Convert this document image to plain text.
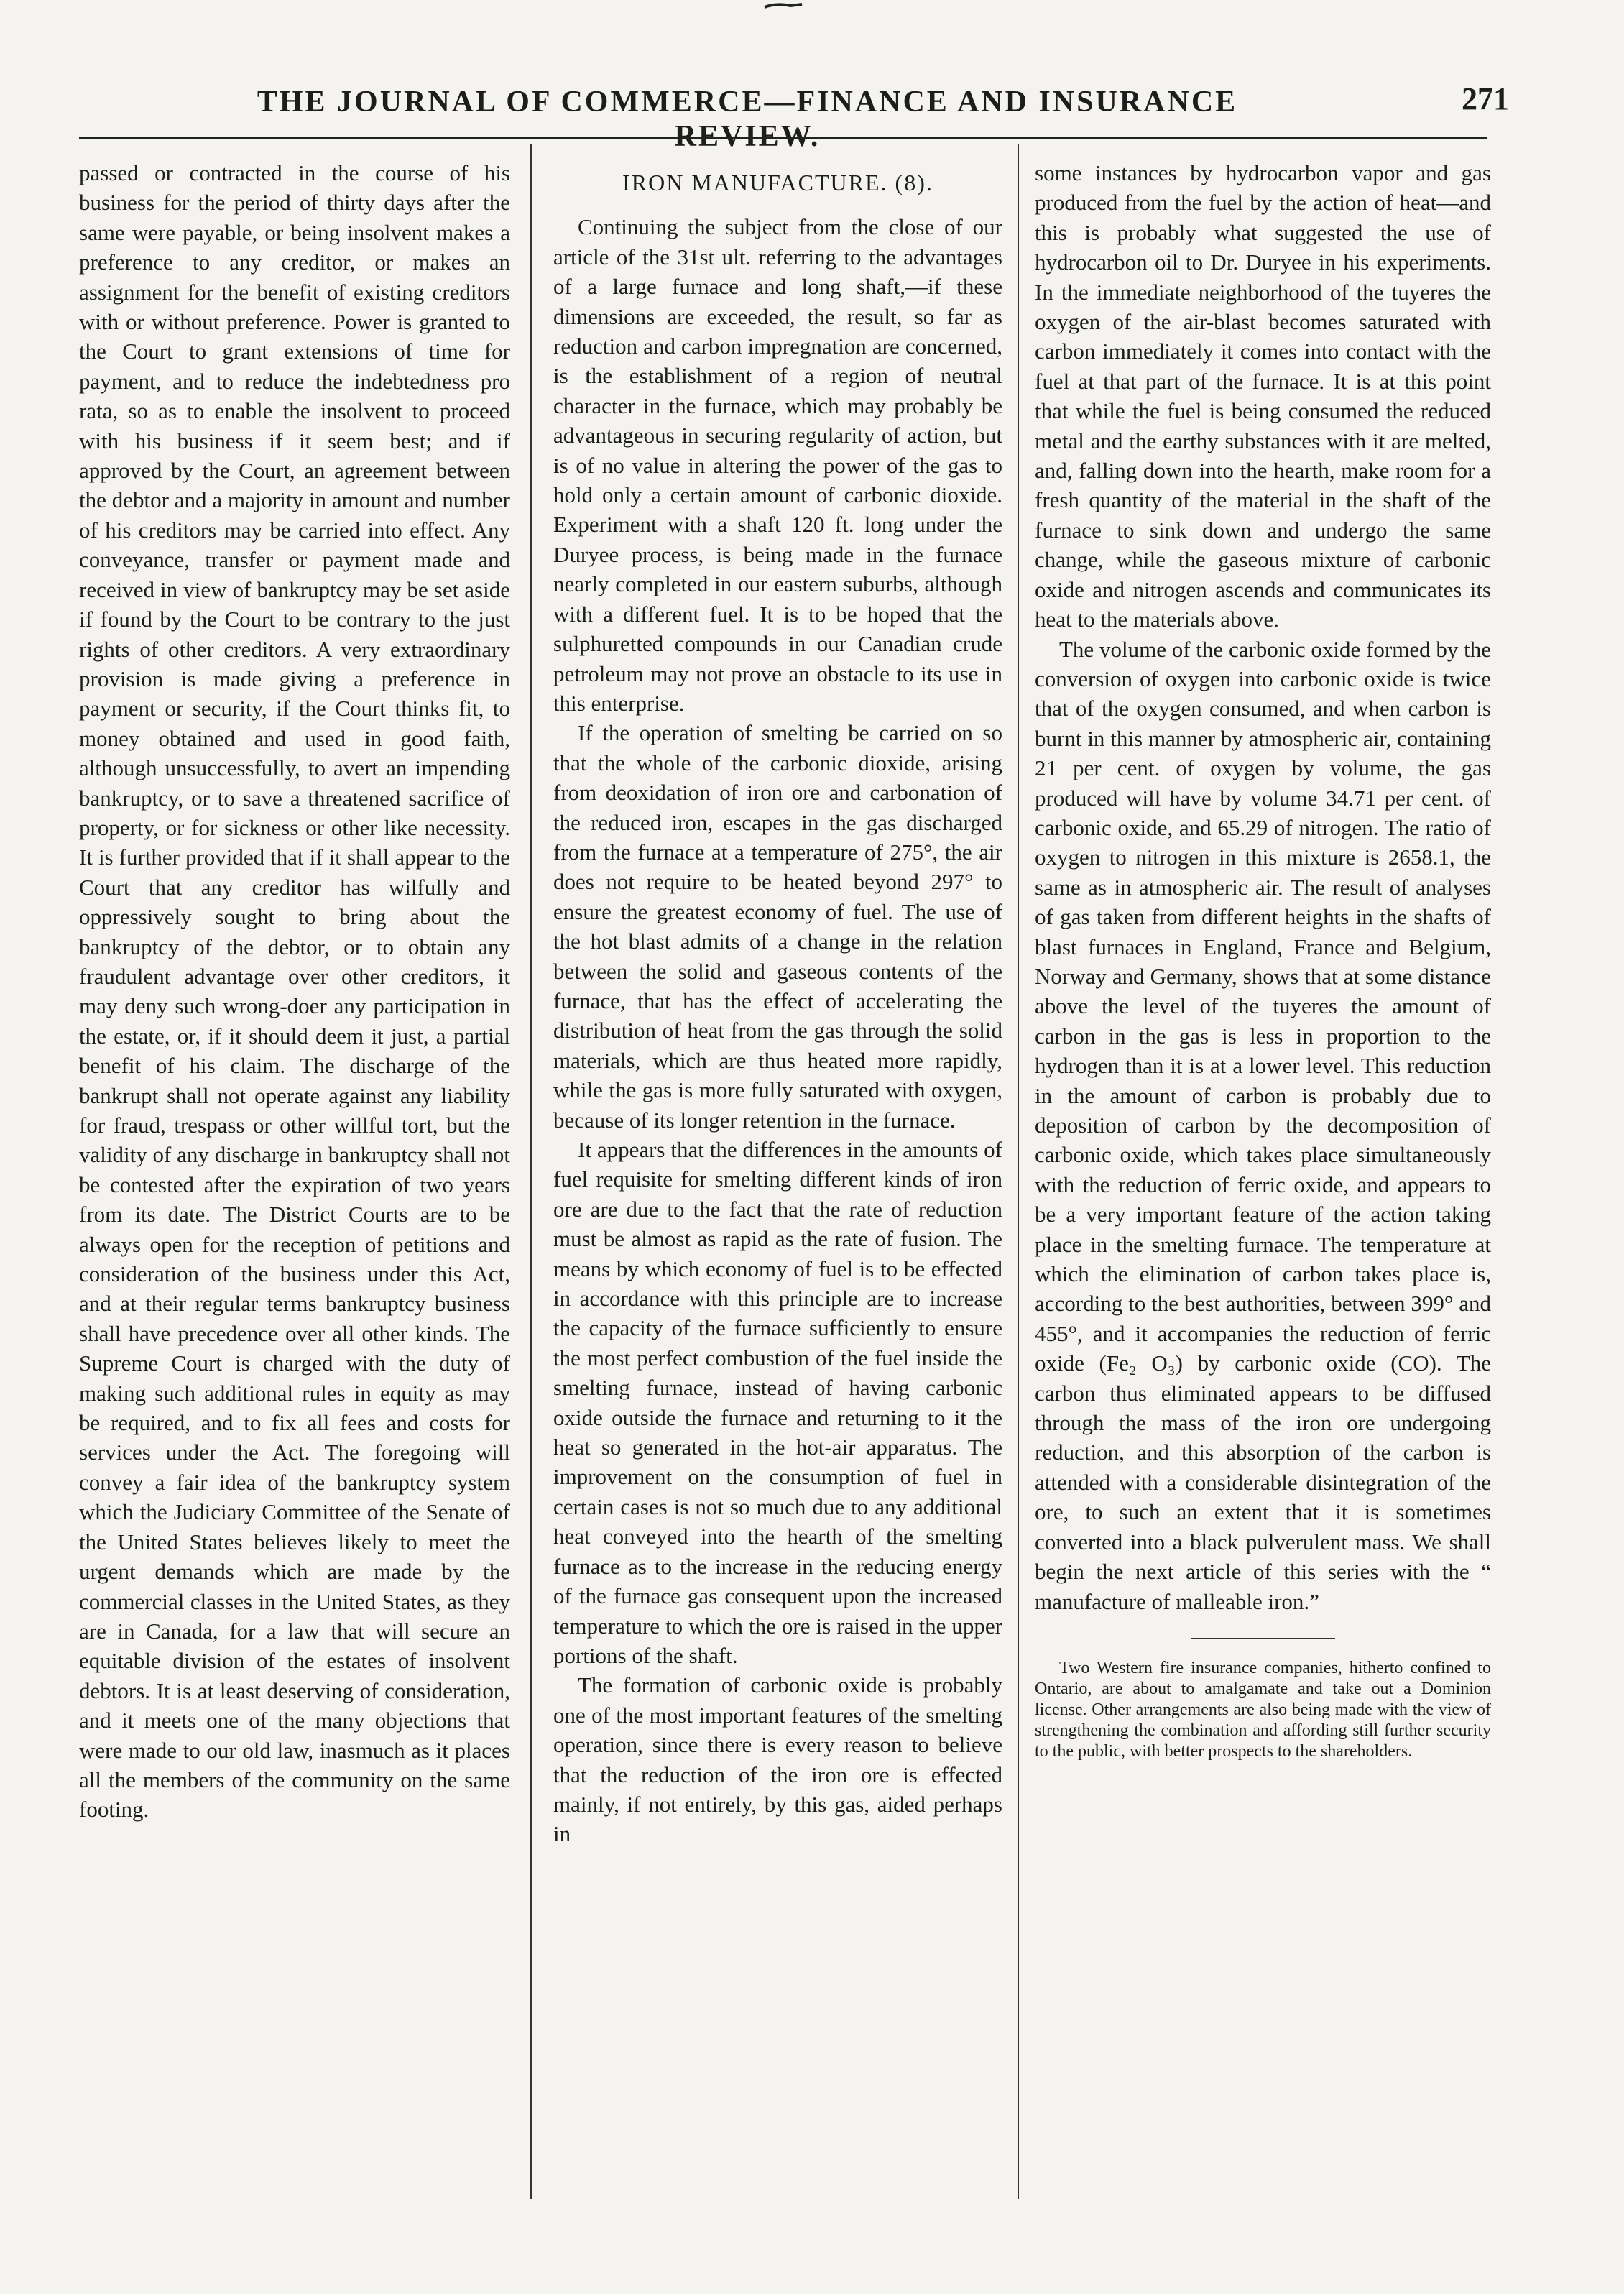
THE JOURNAL OF COMMERCE—FINANCE AND INSURANCE REVIEW.
271

passed or contracted in the course of his business for the period of thirty days after the same were payable, or being insolvent makes a preference to any creditor, or makes an assignment for the benefit of existing creditors with or without preference. Power is granted to the Court to grant extensions of time for payment, and to reduce the indebtedness pro rata, so as to enable the insolvent to proceed with his business if it seem best; and if approved by the Court, an agreement between the debtor and a majority in amount and number of his creditors may be carried into effect. Any conveyance, transfer or payment made and received in view of bankruptcy may be set aside if found by the Court to be contrary to the just rights of other creditors. A very extraordinary provision is made giving a preference in payment or security, if the Court thinks fit, to money obtained and used in good faith, although unsuccessfully, to avert an impending bankruptcy, or to save a threatened sacrifice of property, or for sickness or other like necessity. It is further provided that if it shall appear to the Court that any creditor has wilfully and oppressively sought to bring about the bankruptcy of the debtor, or to obtain any fraudulent advantage over other creditors, it may deny such wrong-doer any participation in the estate, or, if it should deem it just, a partial benefit of his claim. The discharge of the bankrupt shall not operate against any liability for fraud, trespass or other willful tort, but the validity of any discharge in bankruptcy shall not be contested after the expiration of two years from its date. The District Courts are to be always open for the reception of petitions and consideration of the business under this Act, and at their regular terms bankruptcy business shall have precedence over all other kinds. The Supreme Court is charged with the duty of making such additional rules in equity as may be required, and to fix all fees and costs for services under the Act. The foregoing will convey a fair idea of the bankruptcy system which the Judiciary Committee of the Senate of the United States believes likely to meet the urgent demands which are made by the commercial classes in the United States, as they are in Canada, for a law that will secure an equitable division of the estates of insolvent debtors. It is at least deserving of consideration, and it meets one of the many objections that were made to our old law, inasmuch as it places all the members of the community on the same footing.

IRON MANUFACTURE. (8).

Continuing the subject from the close of our article of the 31st ult. referring to the advantages of a large furnace and long shaft,—if these dimensions are exceeded, the result, so far as reduction and carbon impregnation are concerned, is the establishment of a region of neutral character in the furnace, which may probably be advantageous in securing regularity of action, but is of no value in altering the power of the gas to hold only a certain amount of carbonic dioxide. Experiment with a shaft 120 ft. long under the Duryee process, is being made in the furnace nearly completed in our eastern suburbs, although with a different fuel. It is to be hoped that the sulphuretted compounds in our Canadian crude petroleum may not prove an obstacle to its use in this enterprise.

If the operation of smelting be carried on so that the whole of the carbonic dioxide, arising from deoxidation of iron ore and carbonation of the reduced iron, escapes in the gas discharged from the furnace at a temperature of 275°, the air does not require to be heated beyond 297° to ensure the greatest economy of fuel. The use of the hot blast admits of a change in the relation between the solid and gaseous contents of the furnace, that has the effect of accelerating the distribution of heat from the gas through the solid materials, which are thus heated more rapidly, while the gas is more fully saturated with oxygen, because of its longer retention in the furnace.

It appears that the differences in the amounts of fuel requisite for smelting different kinds of iron ore are due to the fact that the rate of reduction must be almost as rapid as the rate of fusion. The means by which economy of fuel is to be effected in accordance with this principle are to increase the capacity of the furnace sufficiently to ensure the most perfect combustion of the fuel inside the smelting furnace, instead of having carbonic oxide outside the furnace and returning to it the heat so generated in the hot-air apparatus. The improvement on the consumption of fuel in certain cases is not so much due to any additional heat conveyed into the hearth of the smelting furnace as to the increase in the reducing energy of the furnace gas consequent upon the increased temperature to which the ore is raised in the upper portions of the shaft.

The formation of carbonic oxide is probably one of the most important features of the smelting operation, since there is every reason to believe that the reduction of the iron ore is effected mainly, if not entirely, by this gas, aided perhaps in

some instances by hydrocarbon vapor and gas produced from the fuel by the action of heat—and this is probably what suggested the use of hydrocarbon oil to Dr. Duryee in his experiments. In the immediate neighborhood of the tuyeres the oxygen of the air-blast becomes saturated with carbon immediately it comes into contact with the fuel at that part of the furnace. It is at this point that while the fuel is being consumed the reduced metal and the earthy substances with it are melted, and, falling down into the hearth, make room for a fresh quantity of the material in the shaft of the furnace to sink down and undergo the same change, while the gaseous mixture of carbonic oxide and nitrogen ascends and communicates its heat to the materials above.

The volume of the carbonic oxide formed by the conversion of oxygen into carbonic oxide is twice that of the oxygen consumed, and when carbon is burnt in this manner by atmospheric air, containing 21 per cent. of oxygen by volume, the gas produced will have by volume 34.71 per cent. of carbonic oxide, and 65.29 of nitrogen. The ratio of oxygen to nitrogen in this mixture is 2658.1, the same as in atmospheric air. The result of analyses of gas taken from different heights in the shafts of blast furnaces in England, France and Belgium, Norway and Germany, shows that at some distance above the level of the tuyeres the amount of carbon in the gas is less in proportion to the hydrogen than it is at a lower level. This reduction in the amount of carbon is probably due to deposition of carbon by the decomposition of carbonic oxide, which takes place simultaneously with the reduction of ferric oxide, and appears to be a very important feature of the action taking place in the smelting furnace. The temperature at which the elimination of carbon takes place is, according to the best authorities, between 399° and 455°, and it accompanies the reduction of ferric oxide (Fe₂ O₃) by carbonic oxide (CO). The carbon thus eliminated appears to be diffused through the mass of the iron ore undergoing reduction, and this absorption of the carbon is attended with a considerable disintegration of the ore, to such an extent that it is sometimes converted into a black pulverulent mass. We shall begin the next article of this series with the “ manufacture of malleable iron.”

Two Western fire insurance companies, hitherto confined to Ontario, are about to amalgamate and take out a Dominion license. Other arrangements are also being made with the view of strengthening the combination and affording still further security to the public, with better prospects to the shareholders.
